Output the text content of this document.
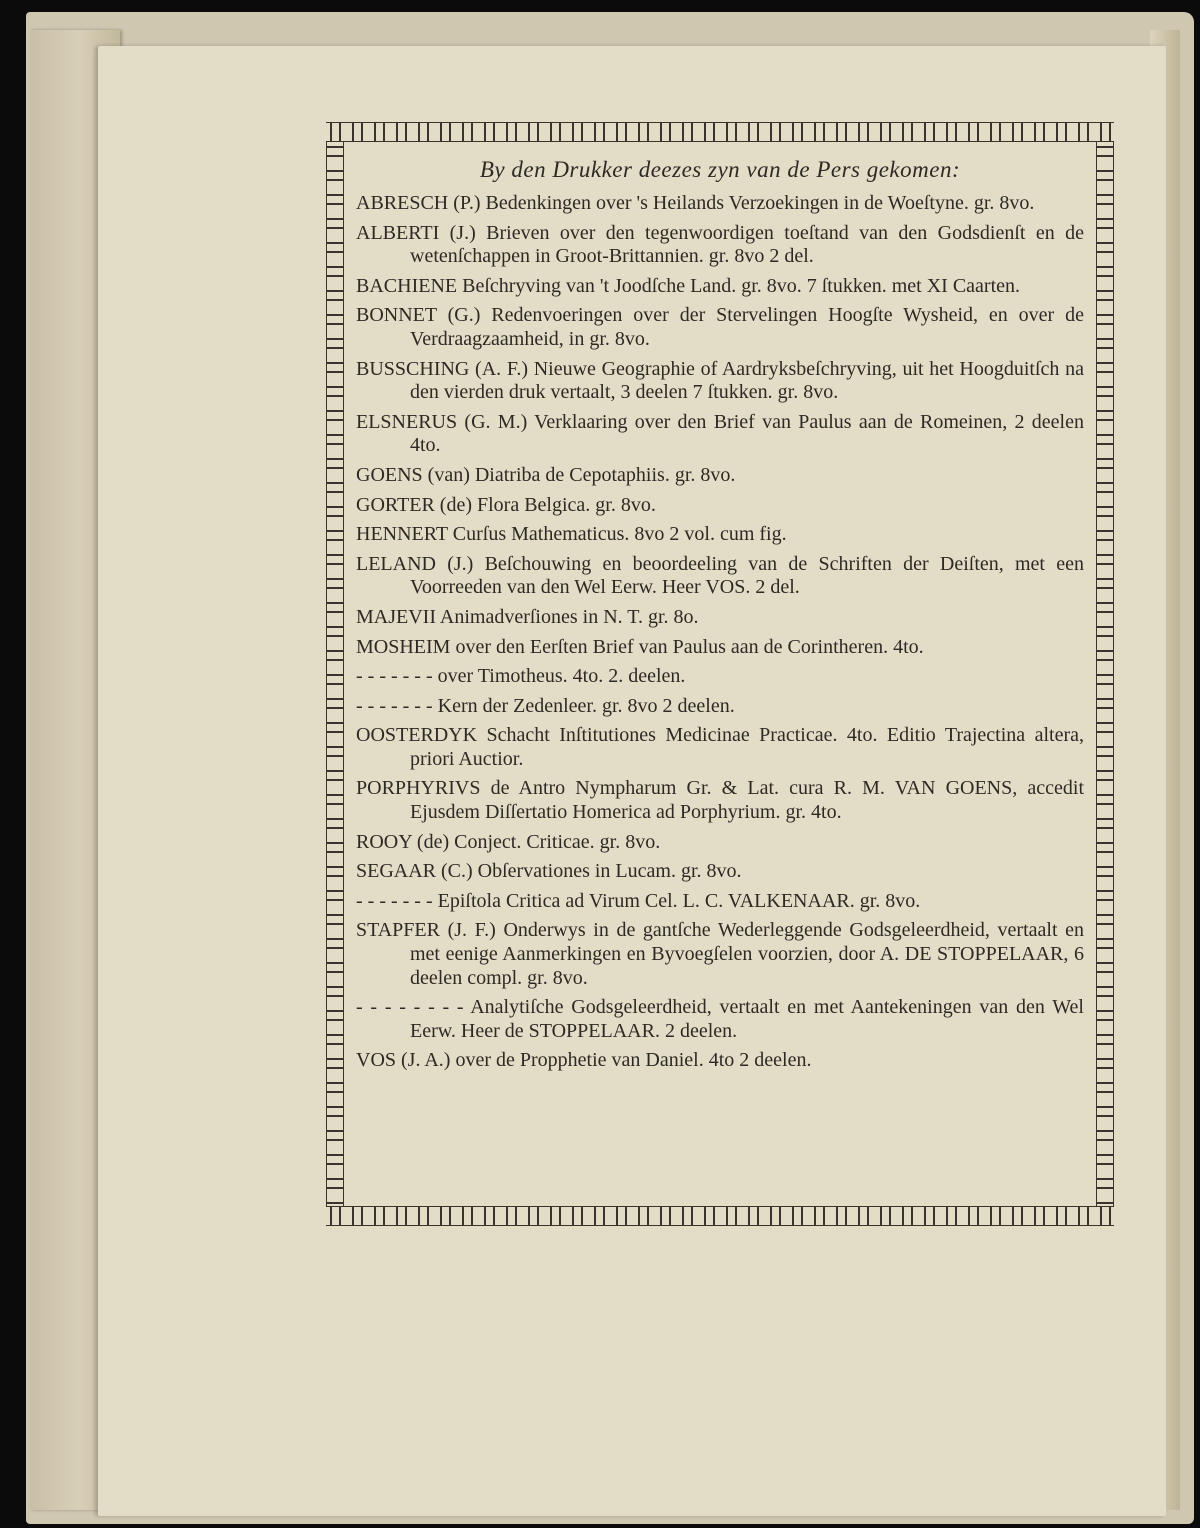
By den Drukker deezes zyn van de Pers gekomen:

ABRESCH (P.) Bedenkingen over 's Heilands Verzoekingen in de Woeſtyne. gr. 8vo.

ALBERTI (J.) Brieven over den tegenwoordigen toeſtand van den Godsdienſt en de wetenſchappen in Groot-Brittannien. gr. 8vo 2 del.

BACHIENE Beſchryving van 't Joodſche Land. gr. 8vo. 7 ſtukken. met XI Caarten.

BONNET (G.) Redenvoeringen over der Stervelingen Hoogſte Wysheid, en over de Verdraagzaamheid, in gr. 8vo.

BUSSCHING (A. F.) Nieuwe Geographie of Aardryksbeſchryving, uit het Hoogduitſch na den vierden druk vertaalt, 3 deelen 7 ſtukken. gr. 8vo.

ELSNERUS (G. M.) Verklaaring over den Brief van Paulus aan de Romeinen, 2 deelen 4to.

GOENS (van) Diatriba de Cepotaphiis. gr. 8vo.

GORTER (de) Flora Belgica. gr. 8vo.

HENNERT Curſus Mathematicus. 8vo 2 vol. cum fig.

LELAND (J.) Beſchouwing en beoordeeling van de Schriften der Deiſten, met een Voorreeden van den Wel Eerw. Heer VOS. 2 del.

MAJEVII Animadverſiones in N. T. gr. 8o.

MOSHEIM over den Eerſten Brief van Paulus aan de Corintheren. 4to.

- - - - - - - over Timotheus. 4to. 2. deelen.

- - - - - - - Kern der Zedenleer. gr. 8vo 2 deelen.

OOSTERDYK Schacht Inſtitutiones Medicinae Practicae. 4to. Editio Trajectina altera, priori Auctior.

PORPHYRIVS de Antro Nympharum Gr. & Lat. cura R. M. VAN GOENS, accedit Ejusdem Diſſertatio Homerica ad Porphyrium. gr. 4to.

ROOY (de) Conject. Criticae. gr. 8vo.

SEGAAR (C.) Obſervationes in Lucam. gr. 8vo.

- - - - - - - Epiſtola Critica ad Virum Cel. L. C. VALKENAAR. gr. 8vo.

STAPFER (J. F.) Onderwys in de gantſche Wederleggende Godsgeleerdheid, vertaalt en met eenige Aanmerkingen en Byvoegſelen voorzien, door A. DE STOPPELAAR, 6 deelen compl. gr. 8vo.

- - - - - - - - Analytiſche Godsgeleerdheid, vertaalt en met Aantekeningen van den Wel Eerw. Heer de STOPPELAAR. 2 deelen.

VOS (J. A.) over de Propphetie van Daniel. 4to 2 deelen.
